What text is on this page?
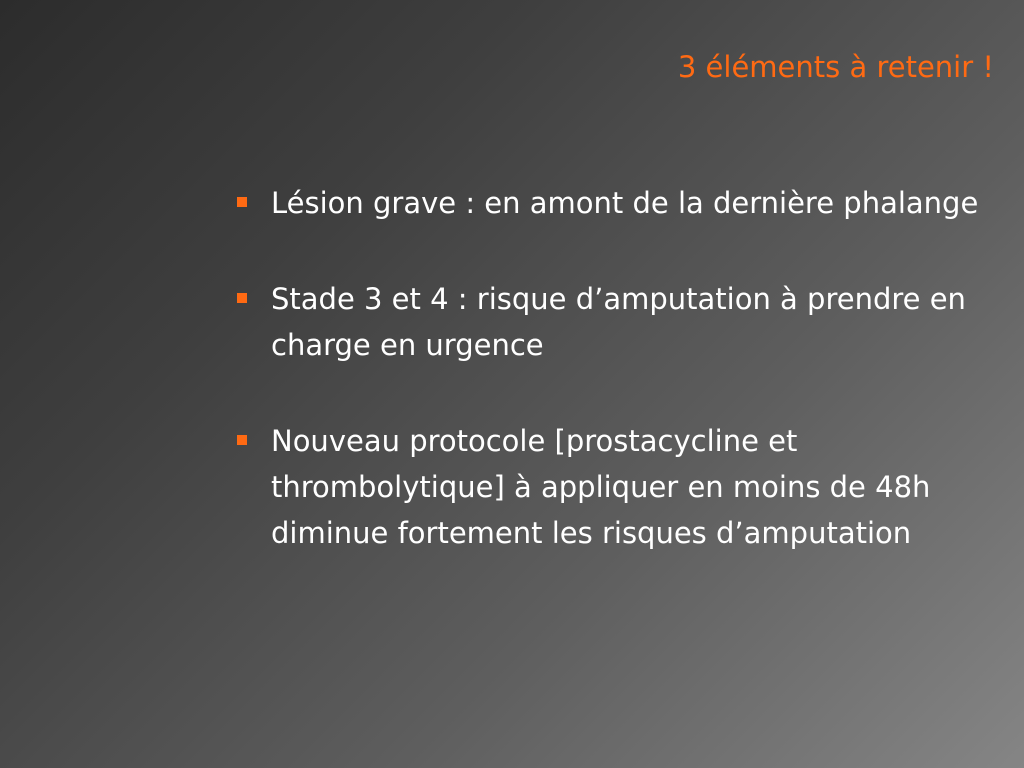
3 éléments à retenir !
Lésion grave : en amont de la dernière phalange
Stade 3 et 4 : risque d’amputation à prendre en charge en urgence
Nouveau protocole [prostacycline et thrombolytique] à appliquer en moins de 48h diminue fortement les risques d’amputation
